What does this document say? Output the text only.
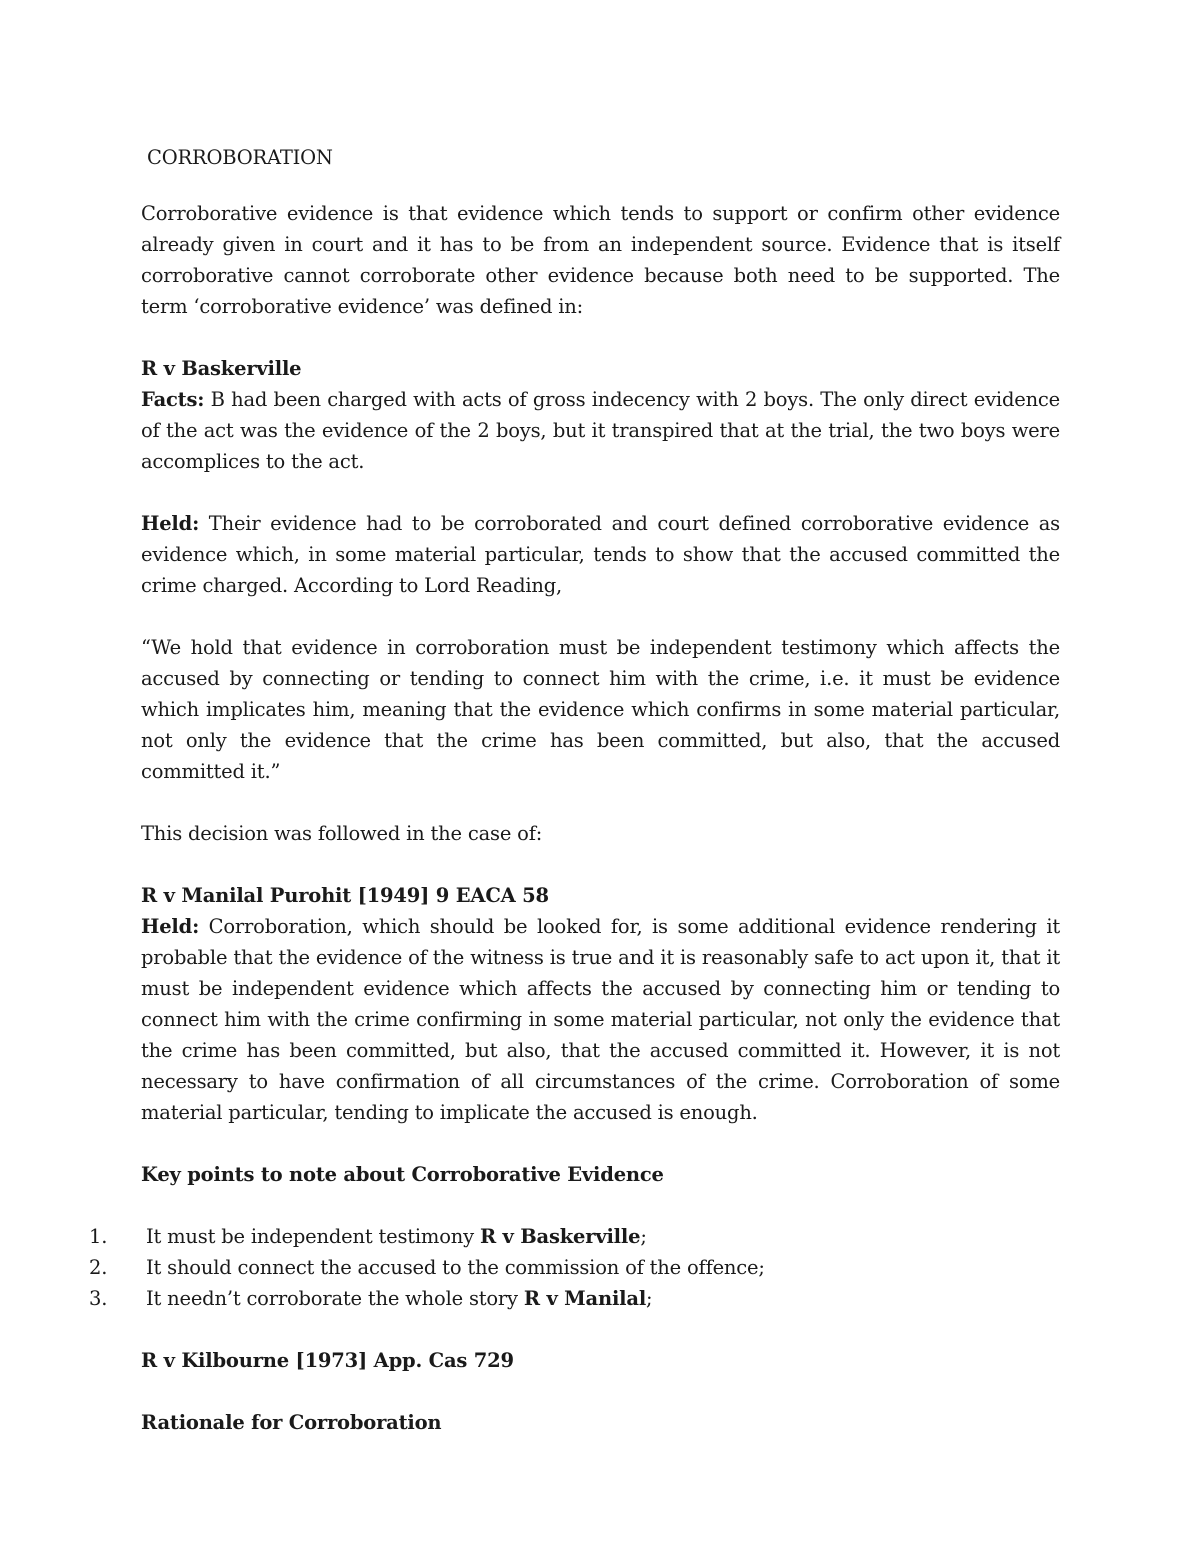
CORROBORATION

Corroborative evidence is that evidence which tends to support or confirm other evidence already given in court and it has to be from an independent source. Evidence that is itself corroborative cannot corroborate other evidence because both need to be supported. The term ‘corroborative evidence’ was defined in:

R v Baskerville

Facts: B had been charged with acts of gross indecency with 2 boys. The only direct evidence of the act was the evidence of the 2 boys, but it transpired that at the trial, the two boys were accomplices to the act.

Held: Their evidence had to be corroborated and court defined corroborative evidence as evidence which, in some material particular, tends to show that the accused committed the crime charged. According to Lord Reading,

“We hold that evidence in corroboration must be independent testimony which affects the accused by connecting or tending to connect him with the crime, i.e. it must be evidence which implicates him, meaning that the evidence which confirms in some material particular, not only the evidence that the crime has been committed, but also, that the accused committed it.”

This decision was followed in the case of:

R v Manilal Purohit [1949] 9 EACA 58

Held: Corroboration, which should be looked for, is some additional evidence rendering it probable that the evidence of the witness is true and it is reasonably safe to act upon it, that it must be independent evidence which affects the accused by connecting him or tending to connect him with the crime confirming in some material particular, not only the evidence that the crime has been committed, but also, that the accused committed it. However, it is not necessary to have confirmation of all circumstances of the crime. Corroboration of some material particular, tending to implicate the accused is enough.

Key points to note about Corroborative Evidence
1.	It must be independent testimony R v Baskerville;
2.	It should connect the accused to the commission of the offence;
3.	It needn’t corroborate the whole story R v Manilal;
R v Kilbourne [1973] App. Cas 729
Rationale for Corroboration
